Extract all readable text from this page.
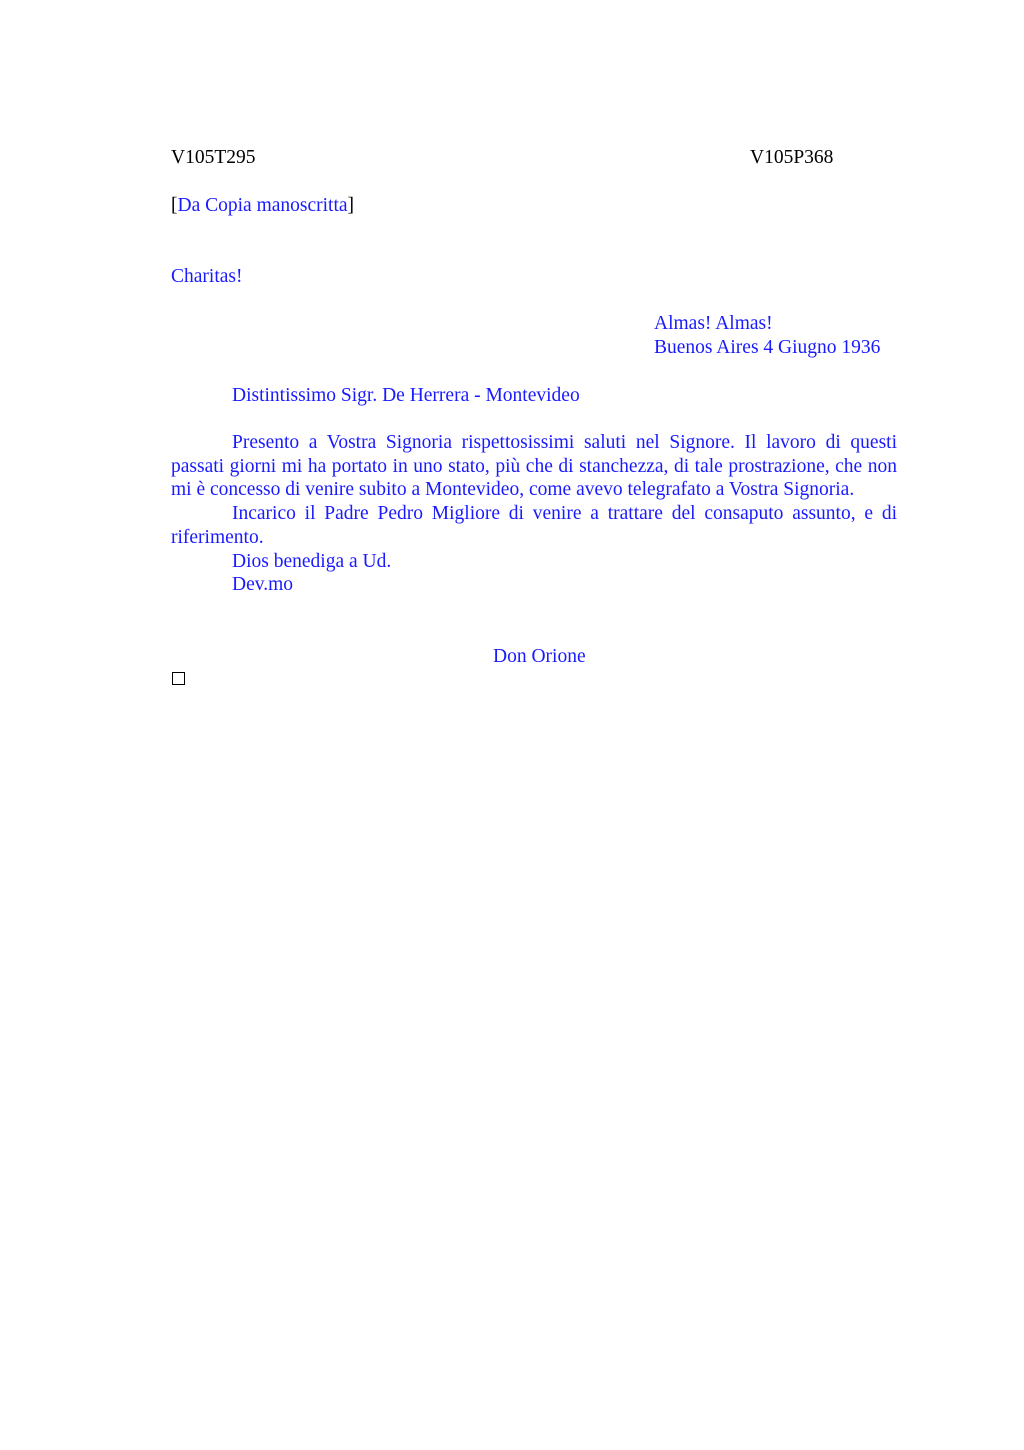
V105T295	V105P368
[Da Copia manoscritta]
Charitas!
Almas! Almas!
Buenos Aires 4 Giugno 1936
Distintissimo Sigr. De Herrera - Montevideo

Presento a Vostra Signoria rispettosissimi saluti nel Signore. Il lavoro di questi passati giorni mi ha portato in uno stato, più che di stanchezza, di tale prostrazione, che non mi è concesso di venire subito a Montevideo, come avevo telegrafato a Vostra Signoria.

Incarico il Padre Pedro Migliore di venire a trattare del consaputo assunto, e di riferimento.

Dios benediga a Ud.

Dev.mo

Don Orione
